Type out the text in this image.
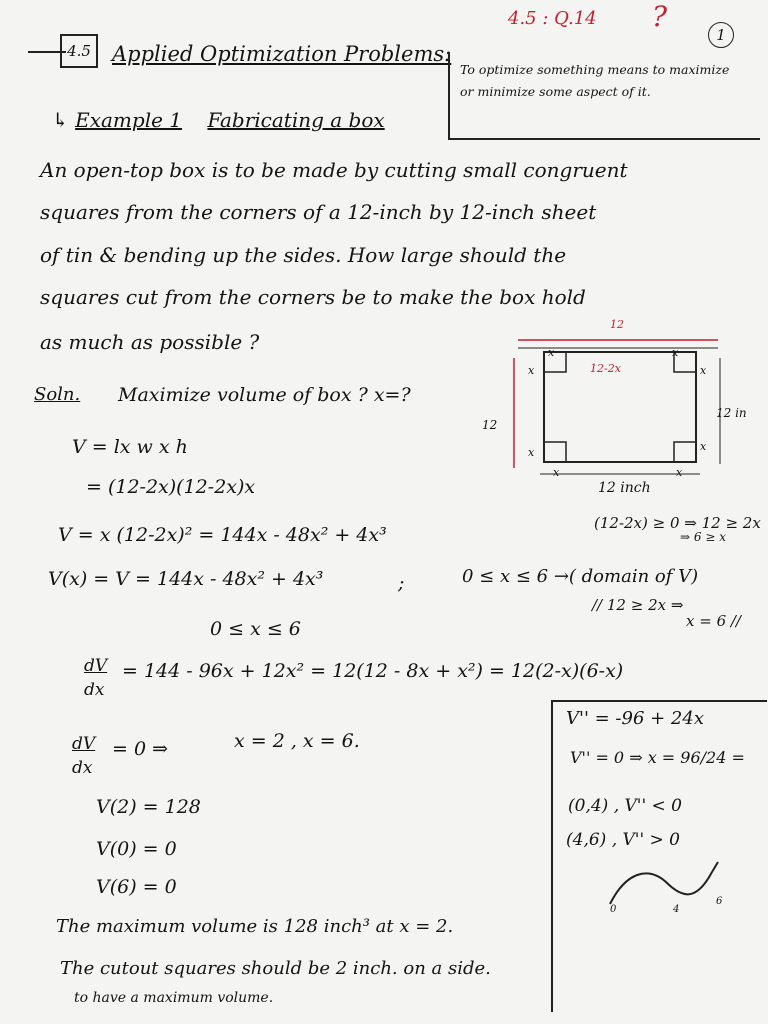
4.5	Applied Optimization Problems:
4.5 : Q.14 ?
1
To optimize something means to maximize
or minimize some aspect of it.
↳ Example 1 Fabricating a box
An open-top box is to be made by cutting small congruent
squares from the corners of a 12-inch by 12-inch sheet
of tin & bending up the sides. How large should the
squares cut from the corners be to make the box hold
as much as possible ?
12
x	x
x
x
x
x
x	x
12-2x
12 in
12
12 inch
Soln. Maximize volume of box ? x=?
V = lx w x h
= (12-2x)(12-2x)x
V = x (12-2x)² = 144x - 48x² + 4x³
(12-2x) ≥ 0 ⇒ 12 ≥ 2x
⇒ 6 ≥ x
V(x) = V = 144x - 48x² + 4x³	;	0 ≤ x ≤ 6 →( domain of V)
// 12 ≥ 2x ⇒
x = 6 //
0 ≤ x ≤ 6
dV
dx
= 144 - 96x + 12x² = 12(12 - 8x + x²) = 12(2-x)(6-x)
dV
dx
= 0 ⇒	x = 2 , x = 6.
V(2) = 128
V(0) = 0
V(6) = 0
The maximum volume is 128 inch³ at x = 2.
The cutout squares should be 2 inch. on a side.
to have a maximum volume.
V'' = -96 + 24x
V'' = 0 ⇒ x = 96/24 =
(0,4) , V'' < 0
(4,6) , V'' > 0
0	4
6
